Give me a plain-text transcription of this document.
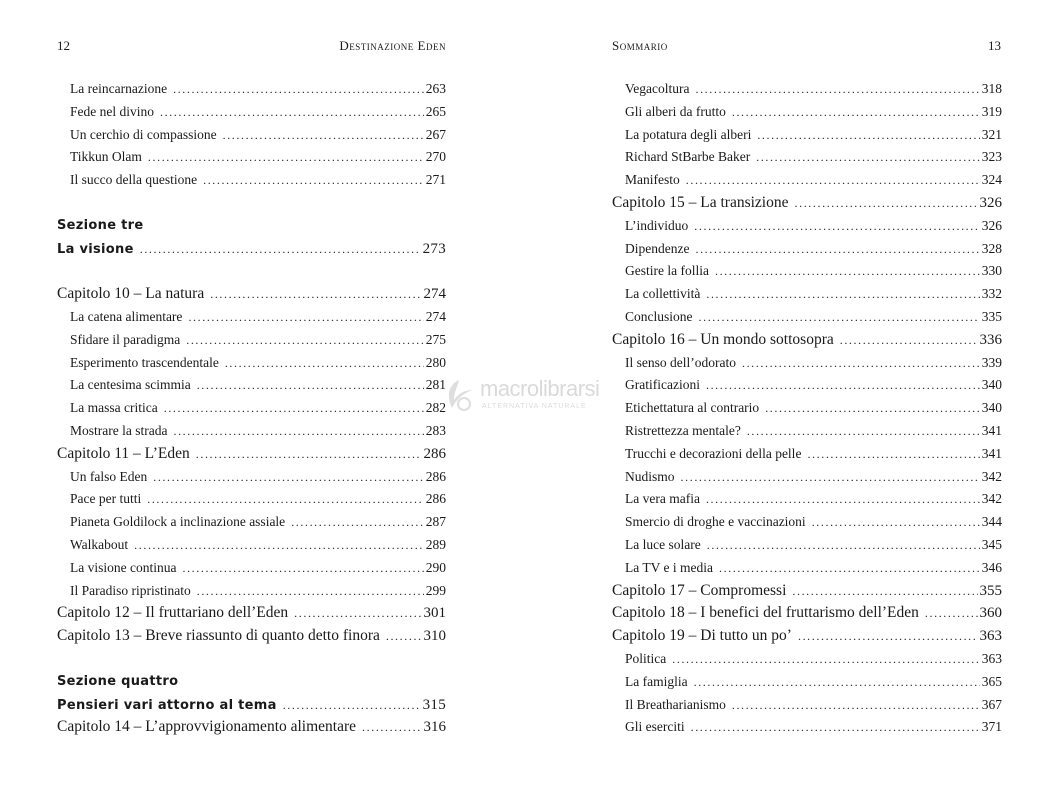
12	Destinazione Eden
La reincarnazione .....	263
Fede nel divino .....	265
Un cerchio di compassione .....	267
Tikkun Olam .....	270
Il succo della questione .....	271
Sezione tre
La visione .....	273
Capitolo 10 – La natura .....	274
La catena alimentare .....	274
Sfidare il paradigma .....	275
Esperimento trascendentale .....	280
La centesima scimmia .....	281
La massa critica .....	282
Mostrare la strada .....	283
Capitolo 11 – L’Eden .....	286
Un falso Eden .....	286
Pace per tutti .....	286
Pianeta Goldilock a inclinazione assiale .....	287
Walkabout .....	289
La visione continua .....	290
Il Paradiso ripristinato .....	299
Capitolo 12 – Il fruttariano dell’Eden .....	301
Capitolo 13 – Breve riassunto di quanto detto finora .....	310
Sezione quattro
Pensieri vari attorno al tema .....	315
Capitolo 14 – L’approvvigionamento alimentare .....	316
Sommario	13
Vegacoltura .....	318
Gli alberi da frutto .....	319
La potatura degli alberi .....	321
Richard StBarbe Baker .....	323
Manifesto .....	324
Capitolo 15 – La transizione .....	326
L’individuo .....	326
Dipendenze .....	328
Gestire la follia .....	330
La collettività .....	332
Conclusione .....	335
Capitolo 16 – Un mondo sottosopra .....	336
Il senso dell’odorato .....	339
Gratificazioni .....	340
Etichettatura al contrario .....	340
Ristrettezza mentale? .....	341
Trucchi e decorazioni della pelle .....	341
Nudismo .....	342
La vera mafia .....	342
Smercio di droghe e vaccinazioni .....	344
La luce solare .....	345
La TV e i media .....	346
Capitolo 17 – Compromessi .....	355
Capitolo 18 – I benefici del fruttarismo dell’Eden .....	360
Capitolo 19 – Di tutto un po’ .....	363
Politica .....	363
La famiglia .....	365
Il Breatharianismo .....	367
Gli eserciti .....	371
macrolibrarsi
ALTERNATIVA NATURALE
